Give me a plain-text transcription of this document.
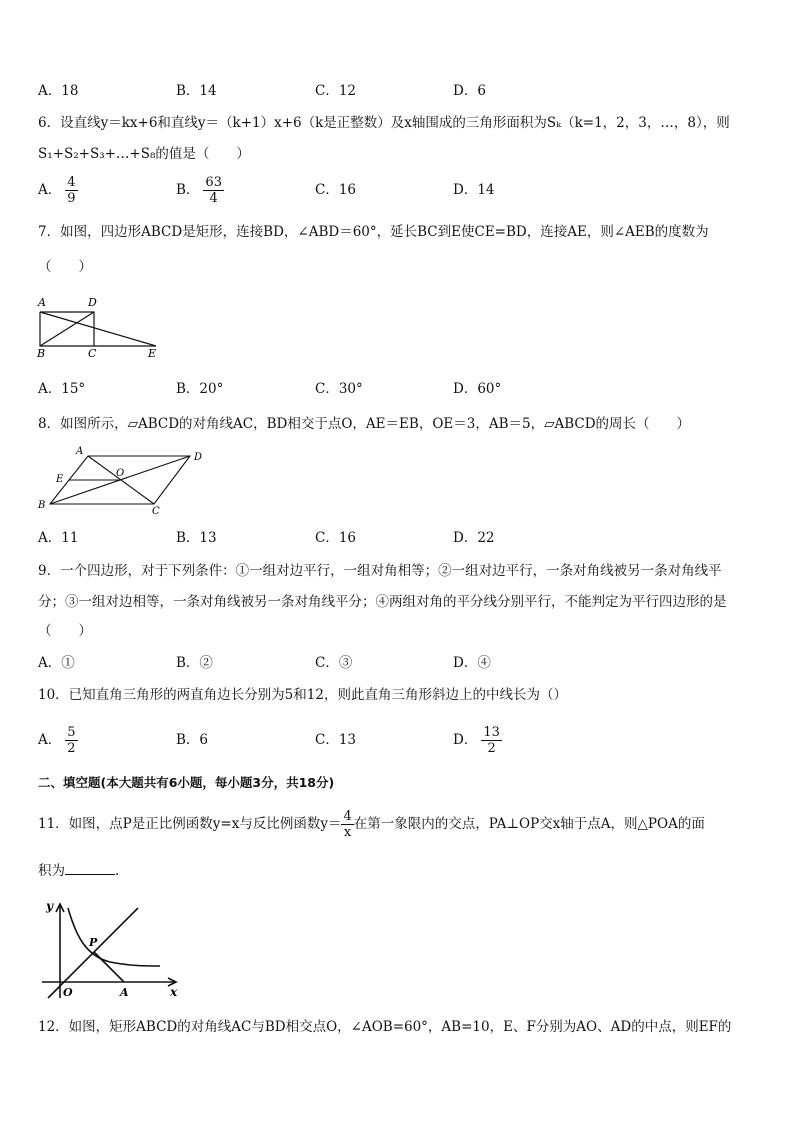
A．18	B．14	C．12	D．6
6．设直线y＝kx+6和直线y＝（k+1）x+6（k是正整数）及x轴围成的三角形面积为Sₖ（k=1，2，3，…，8），则
S₁+S₂+S₃+…+S₈的值是（　　）
A． $\frac{4}{9}$	B． $\frac{63}{4}$	C．16	D．14
7．如图，四边形ABCD是矩形，连接BD，∠ABD＝60°，延长BC到E使CE=BD，连接AE，则∠AEB的度数为
（　　）
A	D
B	C	E
A．15°	B．20°	C．30°	D．60°
8．如图所示，▱ABCD的对角线AC，BD相交于点O，AE＝EB，OE＝3，AB＝5，▱ABCD的周长（　　）
A
D
E
O
B
C
A．11	B．13	C．16	D．22
9．一个四边形，对于下列条件：①一组对边平行，一组对角相等；②一组对边平行，一条对角线被另一条对角线平
分；③一组对边相等，一条对角线被另一条对角线平分；④两组对角的平分线分别平行，不能判定为平行四边形的是
（　　）
A．①	B．②	C．③	D．④
10．已知直角三角形的两直角边长分别为5和12，则此直角三角形斜边上的中线长为（）
A． $\frac{5}{2}$	B．6	C．13	D． $\frac{13}{2}$
二、填空题(本大题共有6小题，每小题3分，共18分)
11．如图，点P是正比例函数y=x与反比例函数$y= \frac{4}{x}$ 在第一象限内的交点，PA⊥OP交x轴于点A，则△POA的面
积为	.
y
P
O	A	x
12．如图，矩形ABCD的对角线AC与BD相交点O，∠AOB=60°，AB=10，E、F分别为AO、AD的中点，则EF的
